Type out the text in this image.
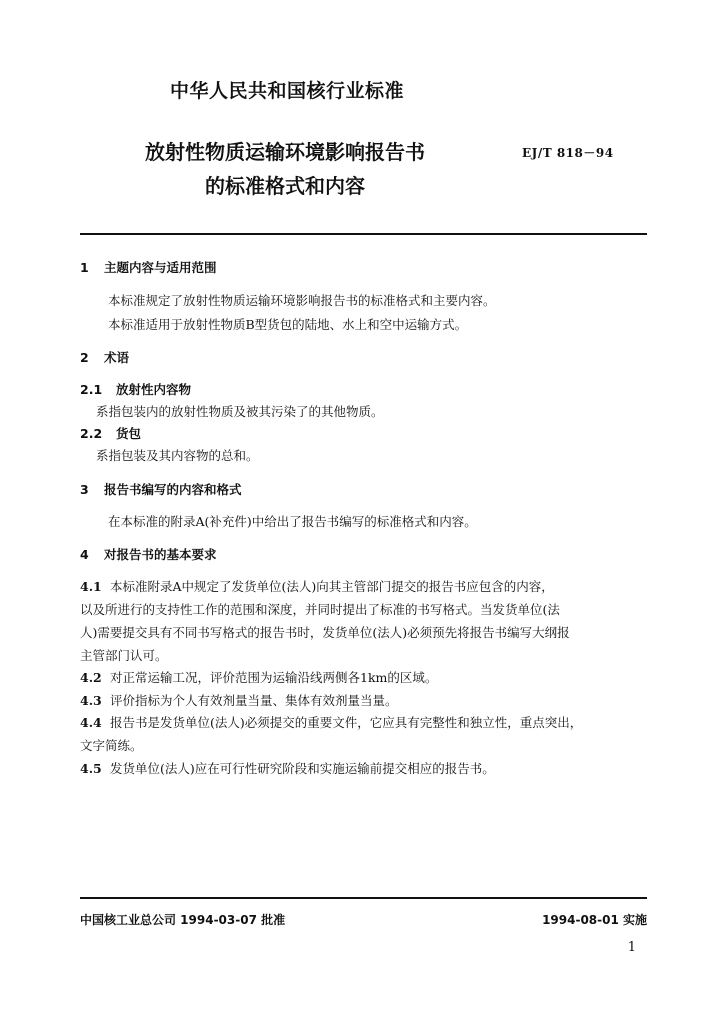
中华人民共和国核行业标准
放射性物质运输环境影响报告书
的标准格式和内容
EJ/T 818－94
1 主题内容与适用范围
本标准规定了放射性物质运输环境影响报告书的标准格式和主要内容。
本标准适用于放射性物质B型货包的陆地、水上和空中运输方式。
2 术语
2.1 放射性内容物
系指包装内的放射性物质及被其污染了的其他物质。
2.2 货包
系指包装及其内容物的总和。
3 报告书编写的内容和格式
在本标准的附录A(补充件)中给出了报告书编写的标准格式和内容。
4 对报告书的基本要求
4.1 本标准附录A中规定了发货单位(法人)向其主管部门提交的报告书应包含的内容，
以及所进行的支持性工作的范围和深度，并同时提出了标准的书写格式。当发货单位(法
人)需要提交具有不同书写格式的报告书时，发货单位(法人)必须预先将报告书编写大纲报
主管部门认可。
4.2 对正常运输工况，评价范围为运输沿线两侧各1km的区域。
4.3 评价指标为个人有效剂量当量、集体有效剂量当量。
4.4 报告书是发货单位(法人)必须提交的重要文件，它应具有完整性和独立性，重点突出，
文字简练。
4.5 发货单位(法人)应在可行性研究阶段和实施运输前提交相应的报告书。
中国核工业总公司 1994-03-07 批准	1994-08-01 实施
1
